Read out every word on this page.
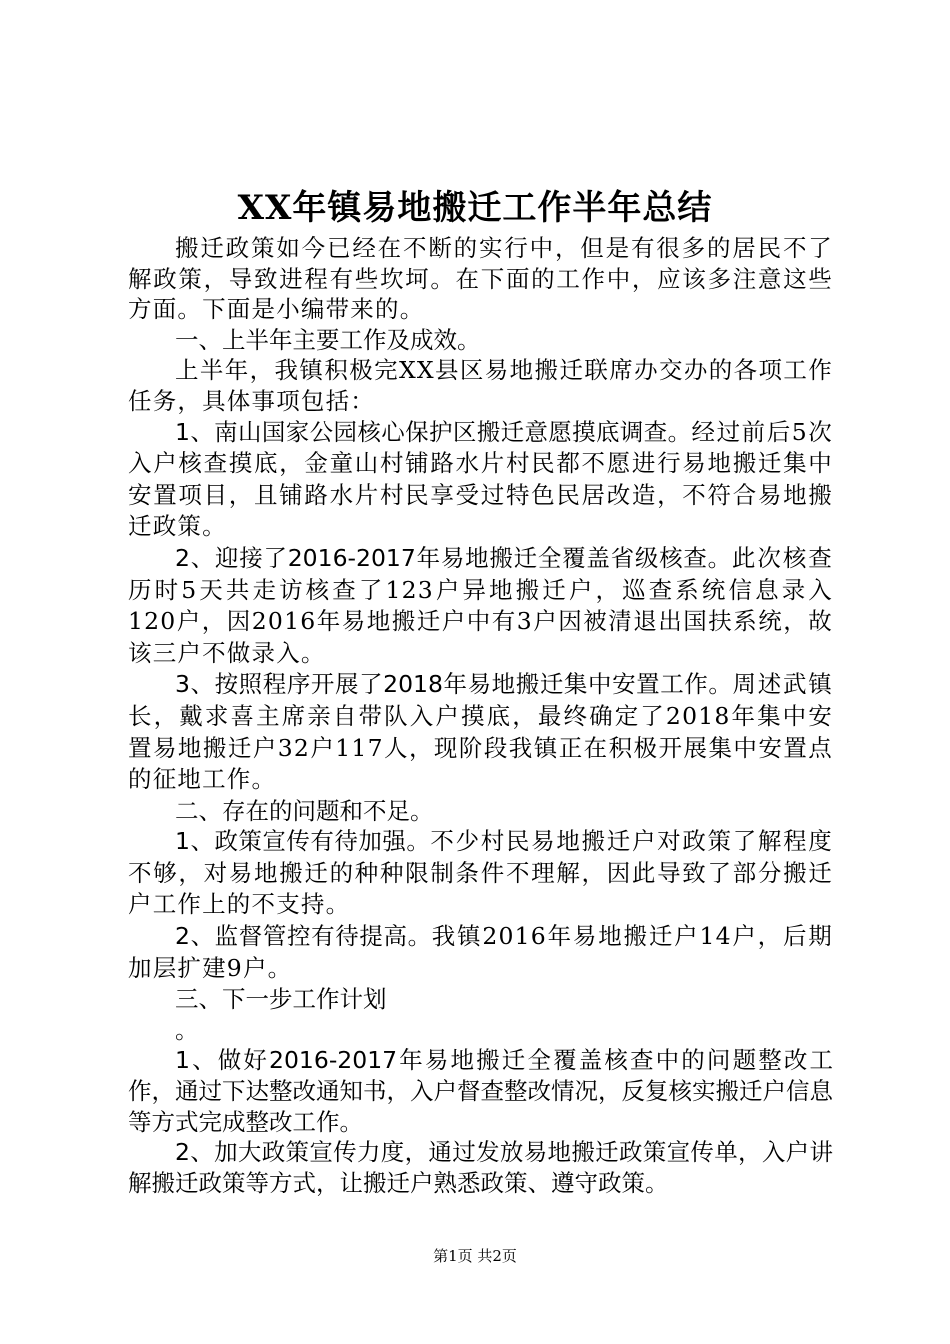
XX年镇易地搬迁工作半年总结

搬迁政策如今已经在不断的实行中，但是有很多的居民不了解政策，导致进程有些坎坷。在下面的工作中，应该多注意这些方面。下面是小编带来的。

一、上半年主要工作及成效。

上半年，我镇积极完XX县区易地搬迁联席办交办的各项工作任务，具体事项包括：

1、南山国家公园核心保护区搬迁意愿摸底调查。经过前后5次入户核查摸底，金童山村铺路水片村民都不愿进行易地搬迁集中安置项目，且铺路水片村民享受过特色民居改造，不符合易地搬迁政策。

2、迎接了2016-2017年易地搬迁全覆盖省级核查。此次核查历时5天共走访核查了123户异地搬迁户，巡查系统信息录入120户，因2016年易地搬迁户中有3户因被清退出国扶系统，故该三户不做录入。

3、按照程序开展了2018年易地搬迁集中安置工作。周述武镇长，戴求喜主席亲自带队入户摸底，最终确定了2018年集中安置易地搬迁户32户117人，现阶段我镇正在积极开展集中安置点的征地工作。

二、存在的问题和不足。

1、政策宣传有待加强。不少村民易地搬迁户对政策了解程度不够，对易地搬迁的种种限制条件不理解，因此导致了部分搬迁户工作上的不支持。

2、监督管控有待提高。我镇2016年易地搬迁户14户，后期加层扩建9户。

三、下一步工作计划

。

1、做好2016-2017年易地搬迁全覆盖核查中的问题整改工作，通过下达整改通知书，入户督查整改情况，反复核实搬迁户信息等方式完成整改工作。

2、加大政策宣传力度，通过发放易地搬迁政策宣传单，入户讲解搬迁政策等方式，让搬迁户熟悉政策、遵守政策。

第1页 共2页
